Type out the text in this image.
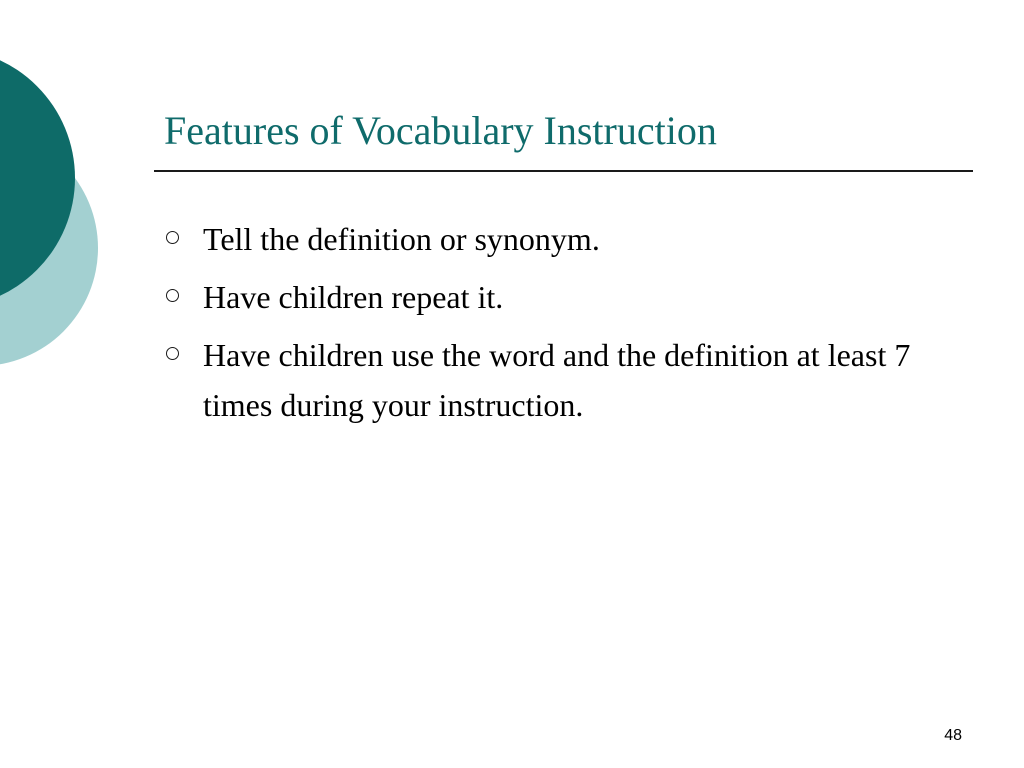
Features of Vocabulary Instruction
Tell the definition or synonym.
Have children repeat it.
Have children use the word and the definition at least 7 times during your instruction.
48
